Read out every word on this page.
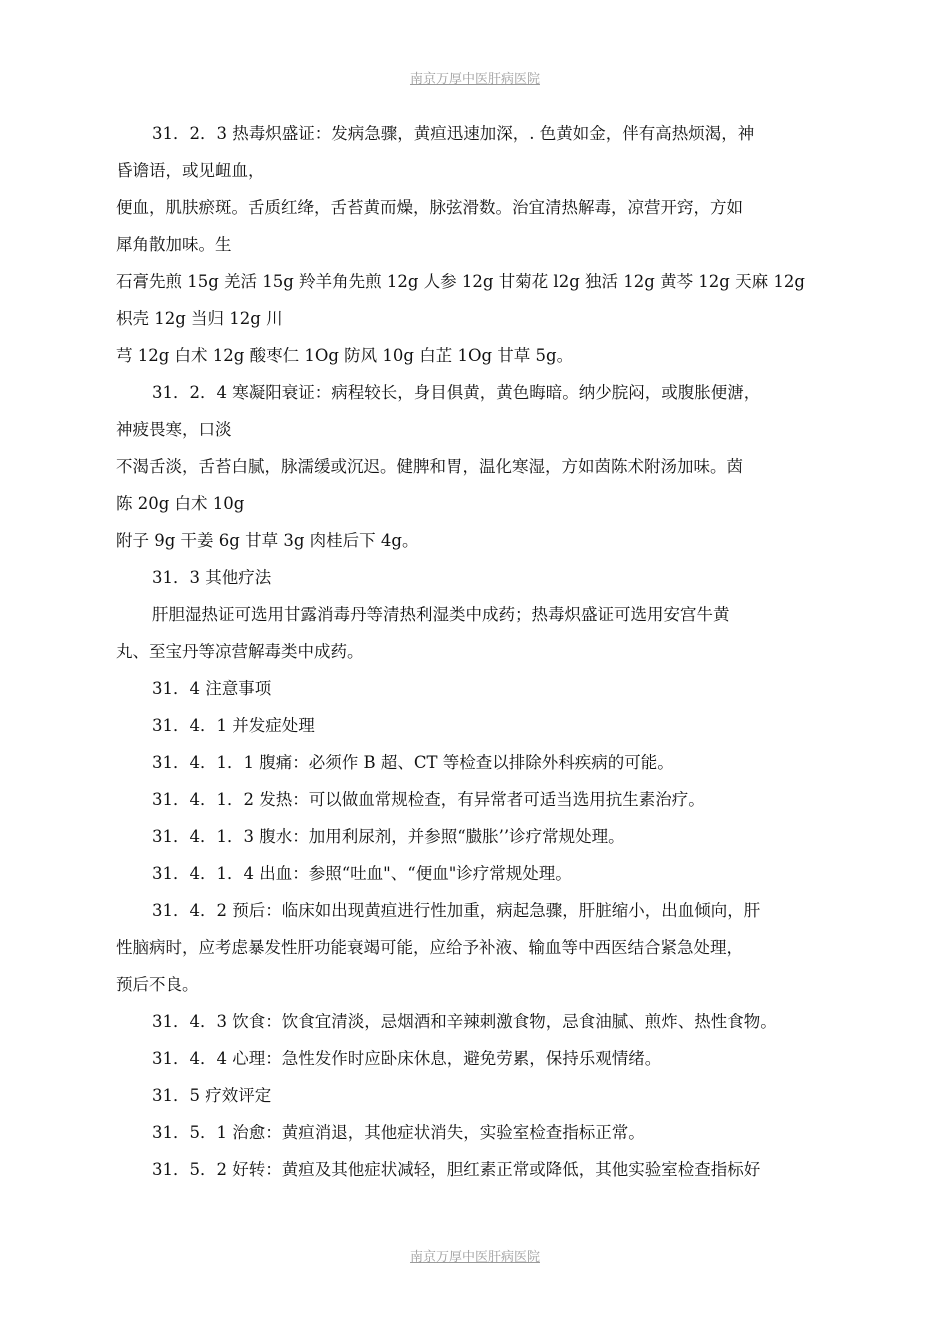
南京万厚中医肝病医院
31．2．3 热毒炽盛证：发病急骤，黄疸迅速加深，. 色黄如金，伴有高热烦渴，神
昏谵语，或见衄血，
便血，肌肤瘀斑。舌质红绛，舌苔黄而燥，脉弦滑数。治宜清热解毒，凉营开窍，方如
犀角散加味。生
石膏先煎 15g 羌活 15g 羚羊角先煎 12g 人参 12g 甘菊花 l2g 独活 12g 黄芩 12g 天麻 12g
枳壳 12g 当归 12g 川
芎 12g 白术 12g 酸枣仁 1Og 防风 10g 白芷 1Og 甘草 5g。
31．2．4 寒凝阳衰证：病程较长，身目俱黄，黄色晦暗。纳少脘闷，或腹胀便溏，
神疲畏寒，口淡
不渴舌淡，舌苔白腻，脉濡缓或沉迟。健脾和胃，温化寒湿，方如茵陈术附汤加味。茵
陈 20g 白术 10g
附子 9g 干姜 6g 甘草 3g 肉桂后下 4g。
31．3 其他疗法
肝胆湿热证可选用甘露消毒丹等清热利湿类中成药；热毒炽盛证可选用安宫牛黄
丸、至宝丹等凉营解毒类中成药。
31．4 注意事项
31．4．1 并发症处理
31．4．1．1 腹痛：必须作 B 超、CT 等检查以排除外科疾病的可能。
31．4．1．2 发热：可以做血常规检查，有异常者可适当选用抗生素治疗。
31．4．1．3 腹水：加用利尿剂，并参照“臌胀’’诊疗常规处理。
31．4．1．4 出血：参照“吐血"、“便血"诊疗常规处理。
31．4．2 预后：临床如出现黄疸进行性加重，病起急骤，肝脏缩小，出血倾向，肝
性脑病时，应考虑暴发性肝功能衰竭可能，应给予补液、输血等中西医结合紧急处理，
预后不良。
31．4．3 饮食：饮食宜清淡，忌烟酒和辛辣刺激食物，忌食油腻、煎炸、热性食物。
31．4．4 心理：急性发作时应卧床休息，避免劳累，保持乐观情绪。
31．5 疗效评定
31．5．1 治愈：黄疸消退，其他症状消失，实验室检查指标正常。
31．5．2 好转：黄疸及其他症状减轻，胆红素正常或降低，其他实验室检查指标好
南京万厚中医肝病医院
